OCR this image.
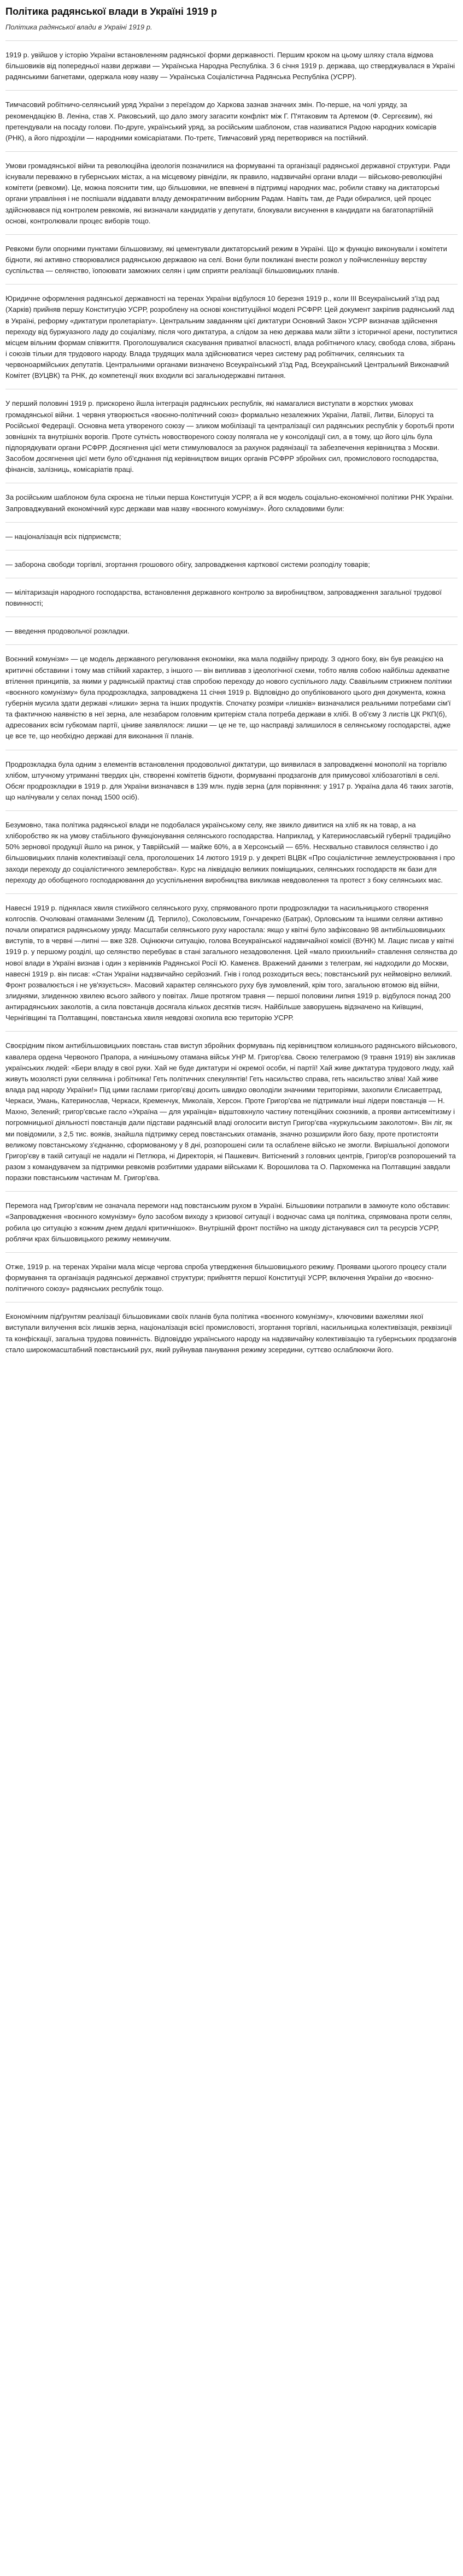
Політика радянської влади в Україні 1919 р
Політика радянської влади в Україні 1919 р.

1919 р. увійшов у історію України встановленням радянської форми державності. Першим кроком на цьому шляху стала відмова більшовиків від попередньої назви держави — Українська Народна Республіка. З 6 січня 1919 р. держава, що стверджувалася в Україні радянськими багнетами, одержала нову назву — Українська Соціалістична Радянська Республіка (УСРР).

Тимчасовий робітничо-селянський уряд України з переїздом до Харкова зазнав значних змін. По-перше, на чолі уряду, за рекомендацією В. Леніна, став Х. Раковський, що дало змогу загасити конфлікт між Г. П'ятаковим та Артемом (Ф. Сергєєвим), які претендували на посаду голови. По-друге, український уряд, за російським шаблоном, став називатися Радою народних комісарів (РНК), а його підрозділи — народними комісаріатами. По-третє, Тимчасовий уряд перетворився на постійний.

Умови громадянської війни та революційна ідеологія позначилися на формуванні та організації радянської державної структури. Ради існували переважно в губернських містах, а на місцевому рівніділи, як правило, надзвичайні органи влади — військово-революційні комітети (ревкоми). Це, можна пояснити тим, що більшовики, не впевнені в підтримці народних мас, робили ставку на диктаторські органи управління і не поспішали віддавати владу демократичним виборним Радам. Навіть там, де Ради обиралися, цей процес здійснювався під контролем ревкомів, які визначали кандидатів у депутати, блокували висунення в кандидати на багатопартійній основі, контролювали процес виборів тощо.

Ревкоми були опорними пунктами більшовизму, які цементували диктаторський режим в Україні. Що ж функцію виконували і комітети бідноти, які активно створювалися радянською державою на селі. Вони були покликані внести розкол у пойчисленнішу верству суспільства — селянство, їопоювати заможних селян і цим сприяти реалізації більшовицьких планів.

Юридичне оформлення радянської державності на теренах України відбулося 10 березня 1919 р., коли III Всеукраїнський з'їзд рад (Харків) прийняв першу Конституцію УСРР, розроблену на основі конституційної моделі РСФРР. Цей документ закріпив радянський лад в Україні, реформу «диктатури пролетаріату». Центральним завданням цієї диктатури Основний Закон УСРР визначав здійснення переходу від буржуазного ладу до соціалізму, після чого диктатура, а слідом за нею держава мали зійти з історичної арени, поступитися місцем вільним формам співжиття. Проголошувалися скасування приватної власності, влада робітничого класу, свобода слова, зібрань і союзів тільки для трудового народу. Влада трудящих мала здійснюватися через систему рад робітничих, селянських та червоноармійських депутатів. Центральними органами визначено Всеукраїнський з'їзд Рад, Всеукраїнський Центральний Виконавчий Комітет (ВУЦВК) та РНК, до компетенції яких входили всі загальнодержавні питання.

У перший половині 1919 р. прискорено йшла інтеграція радянських республік, які намагалися виступати в жорстких умовах громадянської війни. 1 червня утворюється «воєнно-політичний союз» формально незалежних України, Латвії, Литви, Білорусі та Російської Федерації. Основна мета утвореного союзу — зликом мобілізації та централізації сил радянських республік у боротьбі проти зовнішніх та внутрішніх ворогів. Проте сутність новоствореного союзу полягала не у консолідації сил, а в тому, що його ціль була підпорядкувати органи РСФРР. Досягнення цієї мети стимулювалося за рахунок радянізації та забезпечення керівництва з Москви. Засобом досягнення цієї мети було об'єднання під керівництвом вищих органів РСФРР збройних сил, промислового господарства, фінансів, залізниць, комісаріатів праці.

За російським шаблоном була скроєна не тільки перша Конституція УСРР, а й вся модель соціально-економічної політики РНК України. Запроваджуваний економічний курс держави мав назву «воєнного комунізму». Його складовими були:

— націоналізація всіх підприємств;

— заборона свободи торгівлі, згортання грошового обігу, запровадження карткової системи розподілу товарів;

— мілітаризація народного господарства, встановлення державного контролю за виробництвом, запровадження загальної трудової повинності;

— введення продовольчої розкладки.

Воєнний комунізм» — це модель державного регулювання економіки, яка мала подвійну природу. З одного боку, він був реакцією на критичні обставини і тому мав стійкий характер, з іншого — він випливав з ідеологічної схеми, тобто являв собою найбільш адекватне втілення принципів, за якими у радянській практиці став спробою переходу до нового суспільного ладу. Свавільним стрижнем політики «воєнного комунізму» була продрозкладка, запроваджена 11 січня 1919 р. Відповідно до опублікованого цього дня документа, кожна губернія мусила здати державі «лишки» зерна та інших продуктів. Спочатку розміри «лишків» визначалися реальними потребами сім'ї та фактичною наявністю в неї зерна, але незабаром головним критерієм стала потреба держави в хлібі. В об'єму 3 листів ЦК РКП(б), адресованих всім губкомам партії, ціниве заявлялося: лишки — це не те, що насправді залишилося в селянському господарстві, адже це все те, що необхідно державі для виконання її планів.

Продрозкладка була одним з елементів встановлення продовольчої диктатури, що виявилася в запровадженні монополії на торгівлю хлібом, штучному утриманні твердих цін, створенні комітетів бідноти, формуванні продзагонів для примусової хлібозаготівлі в селі. Обсяг продрозкладки в 1919 р. для України визначався в 139 млн. пудів зерна (для порівняння: у 1917 р. Україна дала 46 таких заготів, що налічували у селах понад 1500 осіб).

Безумовно, така політика радянської влади не подобалася українському селу, яке звикло дивитися на хліб як на товар, а на хліборобство як на умову стабільного функціонування селянського господарства. Наприклад, у Катеринославській губернії традиційно 50% зернової продукції йшло на ринок, у Таврійській — майже 60%, а в Херсонській — 65%. Несхвально ставилося селянство і до більшовицьких планів колективізації села, проголошених 14 лютого 1919 р. у декреті ВЦВК «Про соціалістичне землеустроювання і про заходи переходу до соціалістичного землеробства». Курс на ліквідацію великих поміщицьких, селянських господарств як бази для переходу до обобщеного господарювання до усуспільнення виробництва викликав невдоволення та протест з боку селянських мас.

Навесні 1919 р. піднялася хвиля стихійного селянського руху, спрямованого проти продрозкладки та насильницького створення колгоспів. Очолювані отаманами Зеленим (Д. Терпило), Соколовським, Гончаренко (Батрак), Орловським та іншими селяни активно почали опиратися радянському уряду. Масштаби селянського руху наростала: якщо у квітні було зафіксовано 98 антибільшовицьких виступів, то в червні —липні — вже 328. Оцінюючи ситуацію, голова Всеукраїнської надзвичайної комісії (ВУНК) М. Лацис писав у квітні 1919 р. у першому розділі, що селянство перебуває в стані загального незадоволення. Цей «мало прихильний» ставлення селянства до нової влади в Україні визнав і один з керівників Радянської Росії Ю. Каменєв. Вражений даними з телеграм, які надходили до Москви, навесні 1919 р. він писав: «Стан України надзвичайно серйозний. Гнів і голод розходиться весь; повстанський рух неймовірно великий. Фронт розвалюється і не ув'язується». Масовий характер селянського руху був зумовлений, крім того, загальною втомою від війни, злиднями, злиденною хвилею всього зайвого у повітах. Лише протягом травня — першої половини липня 1919 р. відбулося понад 200 антирадянських заколотів, а сила повстанців досягала кількох десятків тисяч. Найбільше заворушень відзначено на Київщині, Чернігівщині та Полтавщині, повстанська хвиля невдовзі охопила всю територію УСРР.

Своєрідним піком антибільшовицьких повстань став виступ збройних формувань під керівництвом колишнього радянського військового, кавалера ордена Червоного Прапора, а нинішньому отамана військ УНР М. Григор'єва. Своєю телеграмою (9 травня 1919) він закликав українських людей: «Бери владу в свої руки. Хай не буде диктатури ні окремої особи, ні партії! Хай живе диктатура трудового люду, хай живуть мозолясті руки селянина і робітника! Геть політичних спекулянтів! Геть насильство справа, геть насильство зліва! Хай живе влада рад народу України!» Під цими гаслами григор'євці досить швидко оволоділи значними територіями, захопили Єлисаветград, Черкаси, Умань, Катеринослав, Черкаси, Кременчук, Миколаїв, Херсон. Проте Григор'єва не підтримали інші лідери повстанців — Н. Махно, Зелений; григор'євське гасло «Україна — для українців» відштовхнуло частину потенційних союзників, а прояви антисемітизму і погромницької діяльності повстанців дали підстави радянській владі оголосити виступ Григор'єва «куркульським заколотом». Він ліг, як ми повідомили, з 2,5 тис. вояків, знайшла підтримку серед повстанських отаманів, значно розширили його базу, проте протистояти великому повстанському з'єднанню, сформованому у 8 дні, розпорошені сили та ослаблене військо не змогли. Вирішальної допомоги Григор'єву в такій ситуації не надали ні Петлюра, ні Директорія, ні Пашкевич. Витіснений з головних центрів, Григор'єв розпорошений та разом з командувачем за підтримки ревкомів розбитими ударами військами К. Ворошилова та О. Пархоменка на Полтавщині завдали поразки повстанським частинам М. Григор'єва.

Перемога над Григор'євим не означала перемоги над повстанським рухом в Україні. Більшовики потрапили в замкнуте коло обставин: «Запровадження «воєнного комунізму» було засобом виходу з кризової ситуації і водночас сама ця політика, спрямована проти селян, робила цю ситуацію з кожним днем дедалі критичнішою». Внутрішній фронт постійно на шкоду дістанувався сил та ресурсів УСРР, роблячи крах більшовицького режиму неминучим.

Отже, 1919 р. на теренах України мала місце чергова спроба утвердження більшовицького режиму. Проявами цьогого процесу стали формування та організація радянської державної структури; прийняття першої Конституції УСРР, включення України до «воєнно-політичного союзу» радянських республік тощо.

Економічним підґрунтям реалізації більшовиками своїх планів була політика «воєнного комунізму», ключовими важелями якої виступали вилучення всіх лишків зерна, націоналізація всієї промисловості, згортання торгівлі, насильницька колективізація, реквізиції та конфіскації, загальна трудова повинність. Відповіддю українського народу на надзвичайну колективізацію та губернських продзагонів стало широкомасштабний повстанський рух, який руйнував панування режиму зсередини, суттєво ослаблюючи його.
